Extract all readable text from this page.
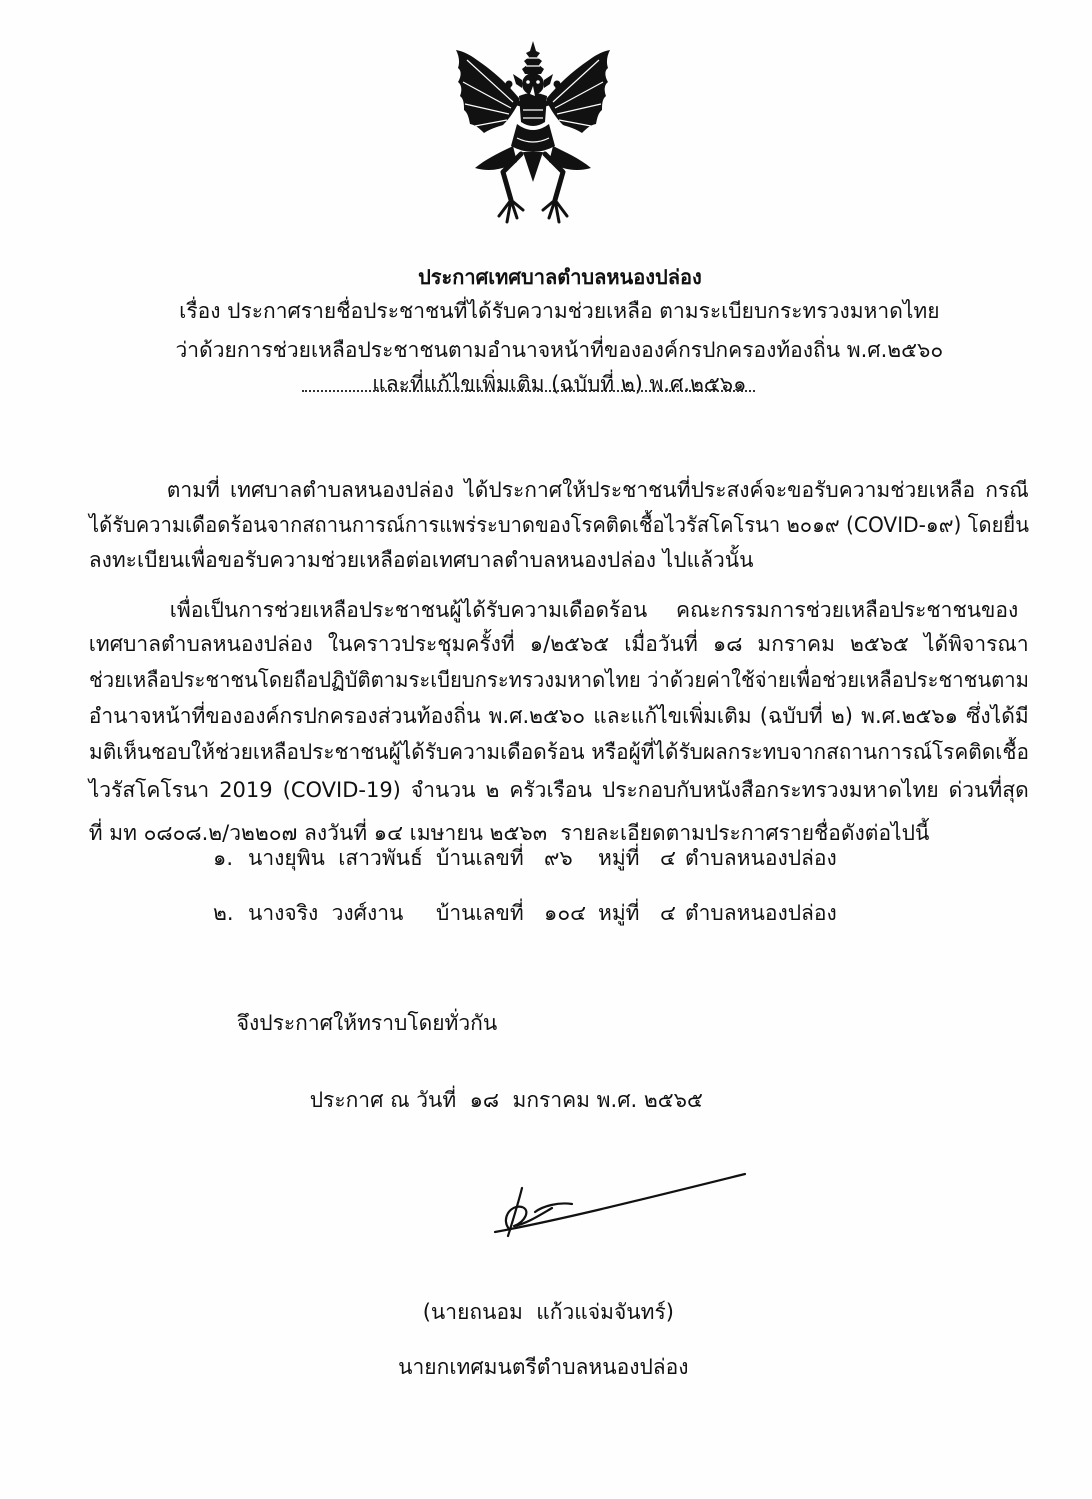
ประกาศเทศบาลตำบลหนองปล่อง

เรื่อง ประกาศรายชื่อประชาชนที่ได้รับความช่วยเหลือ ตามระเบียบกระทรวงมหาดไทย

ว่าด้วยการช่วยเหลือประชาชนตามอำนาจหน้าที่ขององค์กรปกครองท้องถิ่น พ.ศ.๒๕๖๐

และที่แก้ไขเพิ่มเติม (ฉบับที่ ๒) พ.ศ.๒๕๖๑

ตามที่ เทศบาลตำบลหนองปล่อง ได้ประกาศให้ประชาชนที่ประสงค์จะขอรับความช่วยเหลือ กรณี

ได้รับความเดือดร้อนจากสถานการณ์การแพร่ระบาดของโรคติดเชื้อไวรัสโคโรนา ๒๐๑๙ (COVID-๑๙) โดยยื่น

ลงทะเบียนเพื่อขอรับความช่วยเหลือต่อเทศบาลตำบลหนองปล่อง ไปแล้วนั้น

เพื่อเป็นการช่วยเหลือประชาชนผู้ได้รับความเดือดร้อน คณะกรรมการช่วยเหลือประชาชนของ

เทศบาลตำบลหนองปล่อง ในคราวประชุมครั้งที่ ๑/๒๕๖๕ เมื่อวันที่ ๑๘ มกราคม ๒๕๖๕ ได้พิจารณา

ช่วยเหลือประชาชนโดยถือปฏิบัติตามระเบียบกระทรวงมหาดไทย ว่าด้วยค่าใช้จ่ายเพื่อช่วยเหลือประชาชนตาม

อำนาจหน้าที่ขององค์กรปกครองส่วนท้องถิ่น พ.ศ.๒๕๖๐ และแก้ไขเพิ่มเติม (ฉบับที่ ๒) พ.ศ.๒๕๖๑ ซึ่งได้มี

มติเห็นชอบให้ช่วยเหลือประชาชนผู้ได้รับความเดือดร้อน หรือผู้ที่ได้รับผลกระทบจากสถานการณ์โรคติดเชื้อ

ไวรัสโคโรนา 2019 (COVID-19) จำนวน ๒ ครัวเรือน ประกอบกับหนังสือกระทรวงมหาดไทย ด่วนที่สุด

ที่ มท ๐๘๐๘.๒/ว๒๒๐๗ ลงวันที่ ๑๔ เมษายน ๒๕๖๓  รายละเอียดตามประกาศรายชื่อดังต่อไปนี้

๑. นางยุพิน  เสาวพันธ์ บ้านเลขที่ ๙๖	หมู่ที่ ๔ ตำบลหนองปล่อง
๒. นางจริง  วงศ์งาน	บ้านเลขที่ ๑๐๔ หมู่ที่ ๔ ตำบลหนองปล่อง

จึงประกาศให้ทราบโดยทั่วกัน

ประกาศ ณ วันที่  ๑๘  มกราคม พ.ศ. ๒๕๖๕

(นายถนอม  แก้วแจ่มจันทร์)

นายกเทศมนตรีตำบลหนองปล่อง
